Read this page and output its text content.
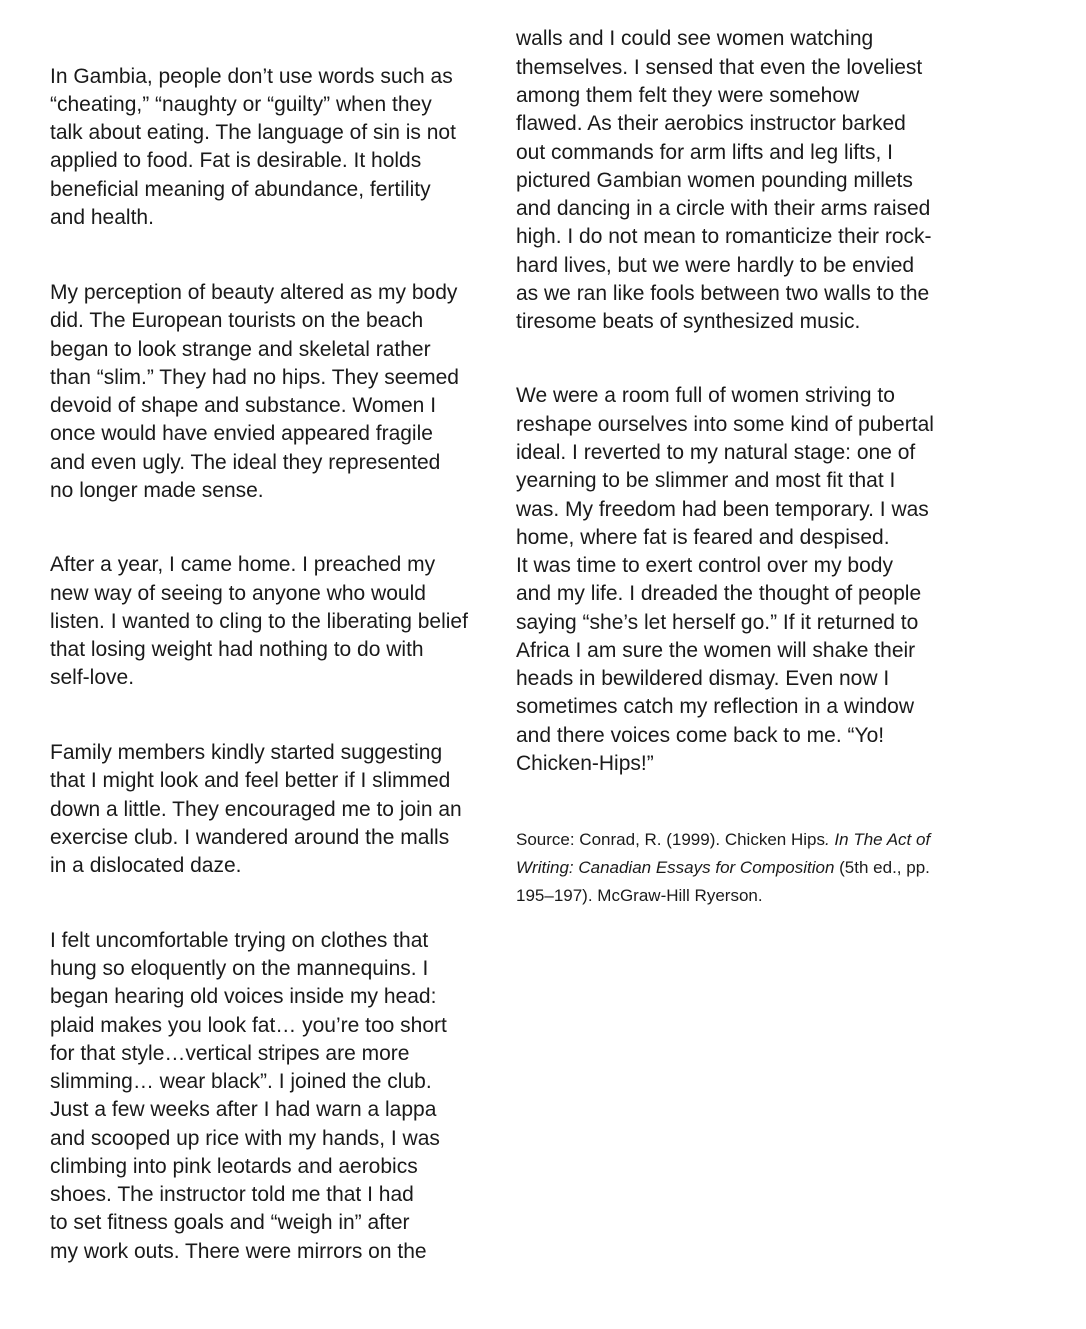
In Gambia, people don’t use words such as
“cheating,” “naughty or “guilty” when they
talk about eating. The language of sin is not
applied to food. Fat is desirable. It holds
beneficial meaning of abundance, fertility
and health.
My perception of beauty altered as my body
did. The European tourists on the beach
began to look strange and skeletal rather
than “slim.” They had no hips. They seemed
devoid of shape and substance. Women I
once would have envied appeared fragile
and even ugly. The ideal they represented
no longer made sense.
After a year, I came home. I preached my
new way of seeing to anyone who would
listen. I wanted to cling to the liberating belief
that losing weight had nothing to do with
self-love.
Family members kindly started suggesting
that I might look and feel better if I slimmed
down a little. They encouraged me to join an
exercise club. I wandered around the malls
in a dislocated daze.
I felt uncomfortable trying on clothes that
hung so eloquently on the mannequins. I
began hearing old voices inside my head:
plaid makes you look fat… you’re too short
for that style…vertical stripes are more
slimming… wear black”. I joined the club.
Just a few weeks after I had warn a lappa
and scooped up rice with my hands, I was
climbing into pink leotards and aerobics
shoes. The instructor told me that I had
to set fitness goals and “weigh in” after
my work outs. There were mirrors on the
walls and I could see women watching
themselves. I sensed that even the loveliest
among them felt they were somehow
flawed. As their aerobics instructor barked
out commands for arm lifts and leg lifts, I
pictured Gambian women pounding millets
and dancing in a circle with their arms raised
high. I do not mean to romanticize their rock-
hard lives, but we were hardly to be envied
as we ran like fools between two walls to the
tiresome beats of synthesized music.
We were a room full of women striving to
reshape ourselves into some kind of pubertal
ideal. I reverted to my natural stage: one of
yearning to be slimmer and most fit that I
was. My freedom had been temporary. I was
home, where fat is feared and despised.
It was time to exert control over my body
and my life. I dreaded the thought of people
saying “she’s let herself go.” If it returned to
Africa I am sure the women will shake their
heads in bewildered dismay. Even now I
sometimes catch my reflection in a window
and there voices come back to me. “Yo!
Chicken-Hips!”
Source: Conrad, R. (1999). Chicken Hips. In The Act of
Writing: Canadian Essays for Composition (5th ed., pp.
195–197). McGraw-Hill Ryerson.
